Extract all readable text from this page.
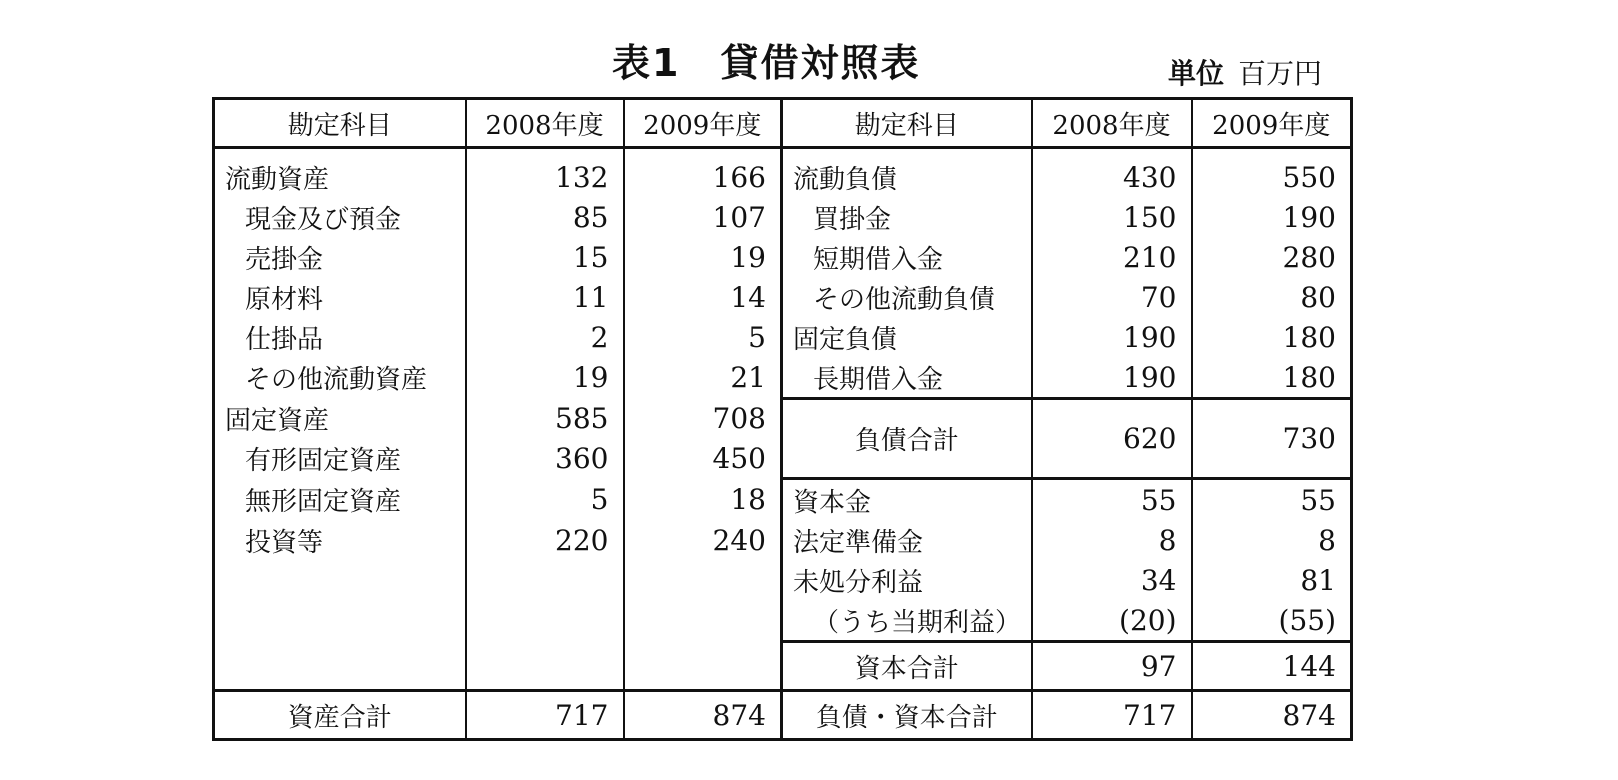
表1　貸借対照表	単位 百万円
勘定科目	2008年度	2009年度	勘定科目	2008年度	2009年度
流動資産	132	166	流動負債	430	550
現金及び預金	85	107	買掛金	150	190
売掛金	15	19	短期借入金	210	280
原材料	11	14	その他流動負債	70	80
仕掛品	2	5	固定負債	190	180
その他流動資産	19	21	長期借入金	190	180
固定資産	585	708	負債合計	620	730
有形固定資産	360	450			
無形固定資産	5	18	資本金	55	55
投資等	220	240	法定準備金	8	8
			未処分利益	34	81
			（うち当期利益）	(20)	(55)
			資本合計	97	144
資産合計	717	874	負債・資本合計	717	874
